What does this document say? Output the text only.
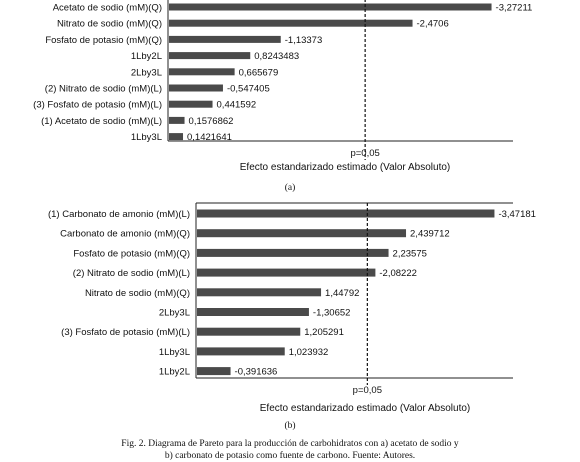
Acetato de sodio (mM)(Q)	-3,27211
Nitrato de sodio (mM)(Q)	-2,4706
Fosfato de potasio (mM)(Q)	-1,13373
1Lby2L	0,8243483
2Lby3L	0,665679
(2) Nitrato de sodio (mM)(L)	-0,547405
(3) Fosfato de potasio (mM)(L)	0,441592
(1) Acetato de sodio (mM)(L)	0,1576862
1Lby3L	0,1421641
p=0,05
Efecto estandarizado estimado (Valor Absoluto)
(a)
(1) Carbonato de amonio (mM)(L)	-3,47181
Carbonato de amonio (mM)(Q)	2,439712
Fosfato de potasio (mM)(Q)	2,23575
(2) Nitrato de sodio (mM)(L)	-2,08222
Nitrato de sodio (mM)(Q)	1,44792
2Lby3L	-1,30652
(3) Fosfato de potasio (mM)(L)	1,205291
1Lby3L	1,023932
1Lby2L	-0,391636
p=0,05
Efecto estandarizado estimado (Valor Absoluto)
(b)
Fig. 2. Diagrama de Pareto para la producción de carbohidratos con a) acetato de sodio y
b) carbonato de potasio como fuente de carbono. Fuente: Autores.
